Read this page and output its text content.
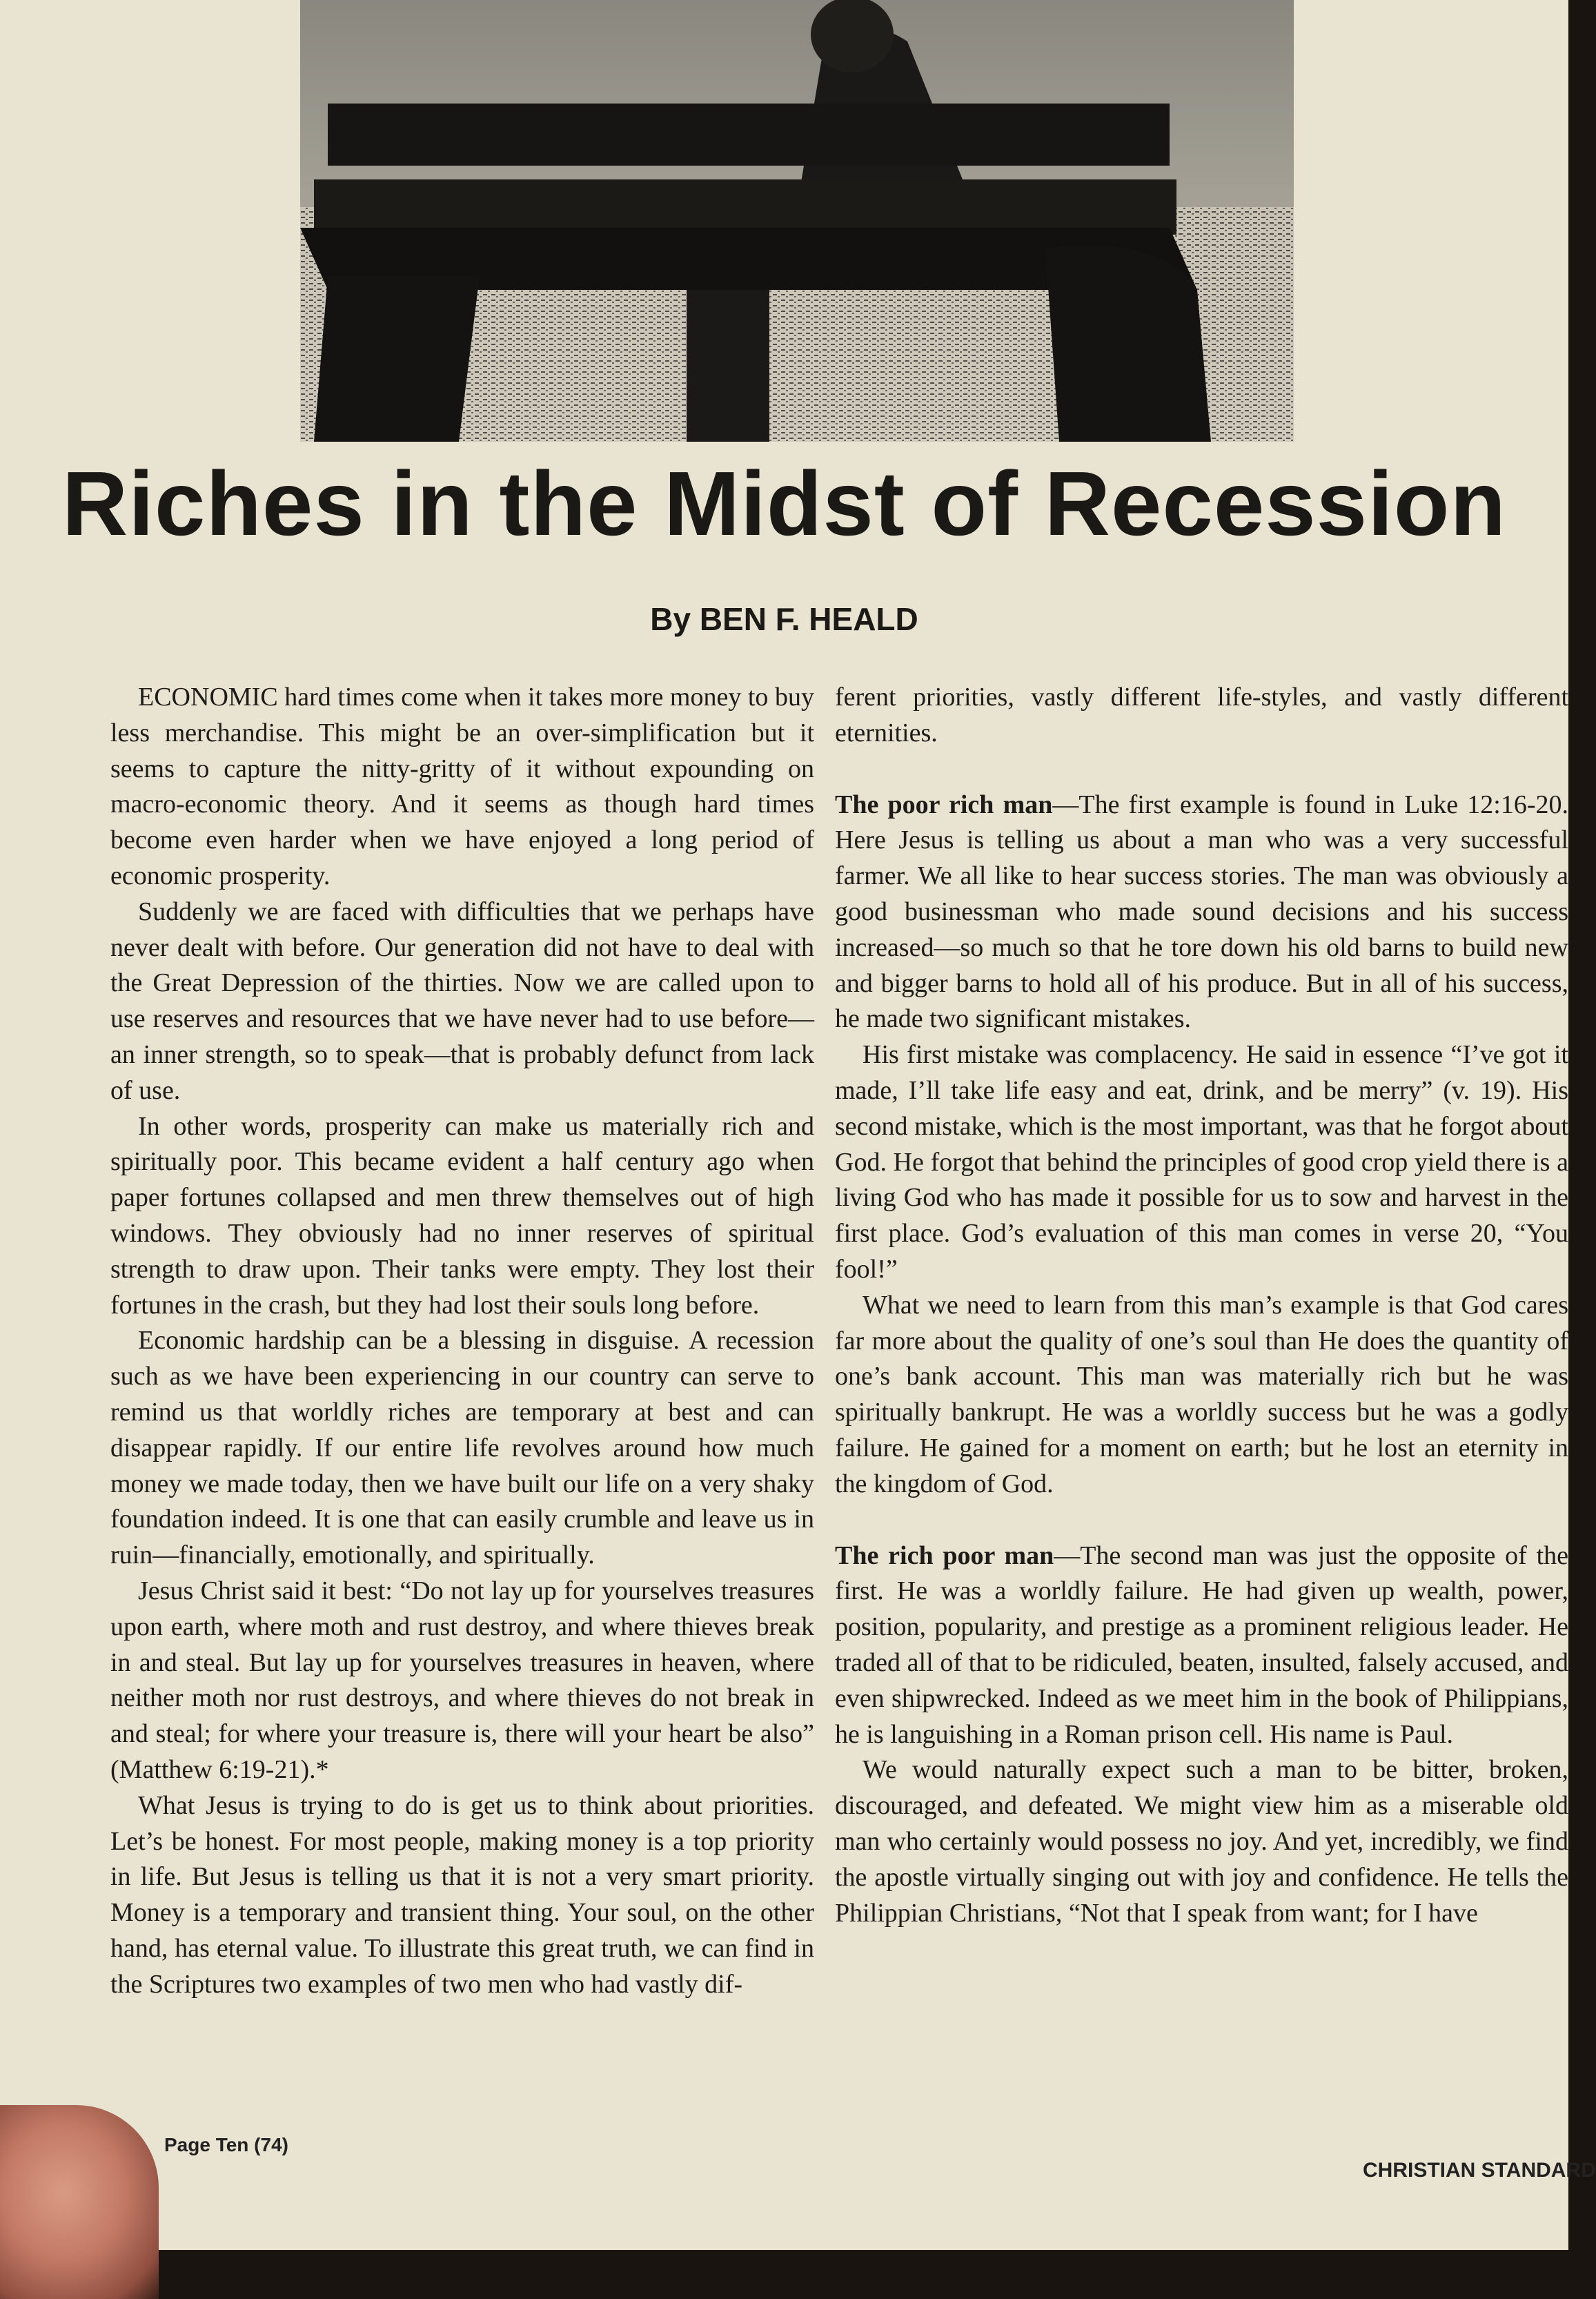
Riches in the Midst of Recession
By BEN F. HEALD

ECONOMIC hard times come when it takes more money to buy less merchandise. This might be an over-simplification but it seems to capture the nitty-gritty of it without expounding on macro-economic theory. And it seems as though hard times become even harder when we have enjoyed a long period of economic prosperity.

Suddenly we are faced with difficulties that we perhaps have never dealt with before. Our generation did not have to deal with the Great Depression of the thirties. Now we are called upon to use reserves and resources that we have never had to use before—an inner strength, so to speak—that is probably defunct from lack of use.

In other words, prosperity can make us materially rich and spiritually poor. This became evident a half century ago when paper fortunes collapsed and men threw themselves out of high windows. They obviously had no inner reserves of spiritual strength to draw upon. Their tanks were empty. They lost their fortunes in the crash, but they had lost their souls long before.

Economic hardship can be a blessing in disguise. A recession such as we have been experiencing in our country can serve to remind us that worldly riches are temporary at best and can disappear rapidly. If our entire life revolves around how much money we made today, then we have built our life on a very shaky foundation indeed. It is one that can easily crumble and leave us in ruin—financially, emotionally, and spiritually.

Jesus Christ said it best: “Do not lay up for yourselves treasures upon earth, where moth and rust destroy, and where thieves break in and steal. But lay up for yourselves treasures in heaven, where neither moth nor rust destroys, and where thieves do not break in and steal; for where your treasure is, there will your heart be also” (Matthew 6:19-21).*

What Jesus is trying to do is get us to think about priorities. Let’s be honest. For most people, making money is a top priority in life. But Jesus is telling us that it is not a very smart priority. Money is a temporary and transient thing. Your soul, on the other hand, has eternal value. To illustrate this great truth, we can find in the Scriptures two examples of two men who had vastly dif-

ferent priorities, vastly different life-styles, and vastly different eternities.

The poor rich man—The first example is found in Luke 12:16-20. Here Jesus is telling us about a man who was a very successful farmer. We all like to hear success stories. The man was obviously a good businessman who made sound decisions and his success increased—so much so that he tore down his old barns to build new and bigger barns to hold all of his produce. But in all of his success, he made two significant mistakes.

His first mistake was complacency. He said in essence “I’ve got it made, I’ll take life easy and eat, drink, and be merry” (v. 19). His second mistake, which is the most important, was that he forgot about God. He forgot that behind the principles of good crop yield there is a living God who has made it possible for us to sow and harvest in the first place. God’s evaluation of this man comes in verse 20, “You fool!”

What we need to learn from this man’s example is that God cares far more about the quality of one’s soul than He does the quantity of one’s bank account. This man was materially rich but he was spiritually bankrupt. He was a worldly success but he was a godly failure. He gained for a moment on earth; but he lost an eternity in the kingdom of God.

The rich poor man—The second man was just the opposite of the first. He was a worldly failure. He had given up wealth, power, position, popularity, and prestige as a prominent religious leader. He traded all of that to be ridiculed, beaten, insulted, falsely accused, and even shipwrecked. Indeed as we meet him in the book of Philippians, he is languishing in a Roman prison cell. His name is Paul.

We would naturally expect such a man to be bitter, broken, discouraged, and defeated. We might view him as a miserable old man who certainly would possess no joy. And yet, incredibly, we find the apostle virtually singing out with joy and confidence. He tells the Philippian Christians, “Not that I speak from want; for I have

Page Ten (74)
CHRISTIAN STANDARD
